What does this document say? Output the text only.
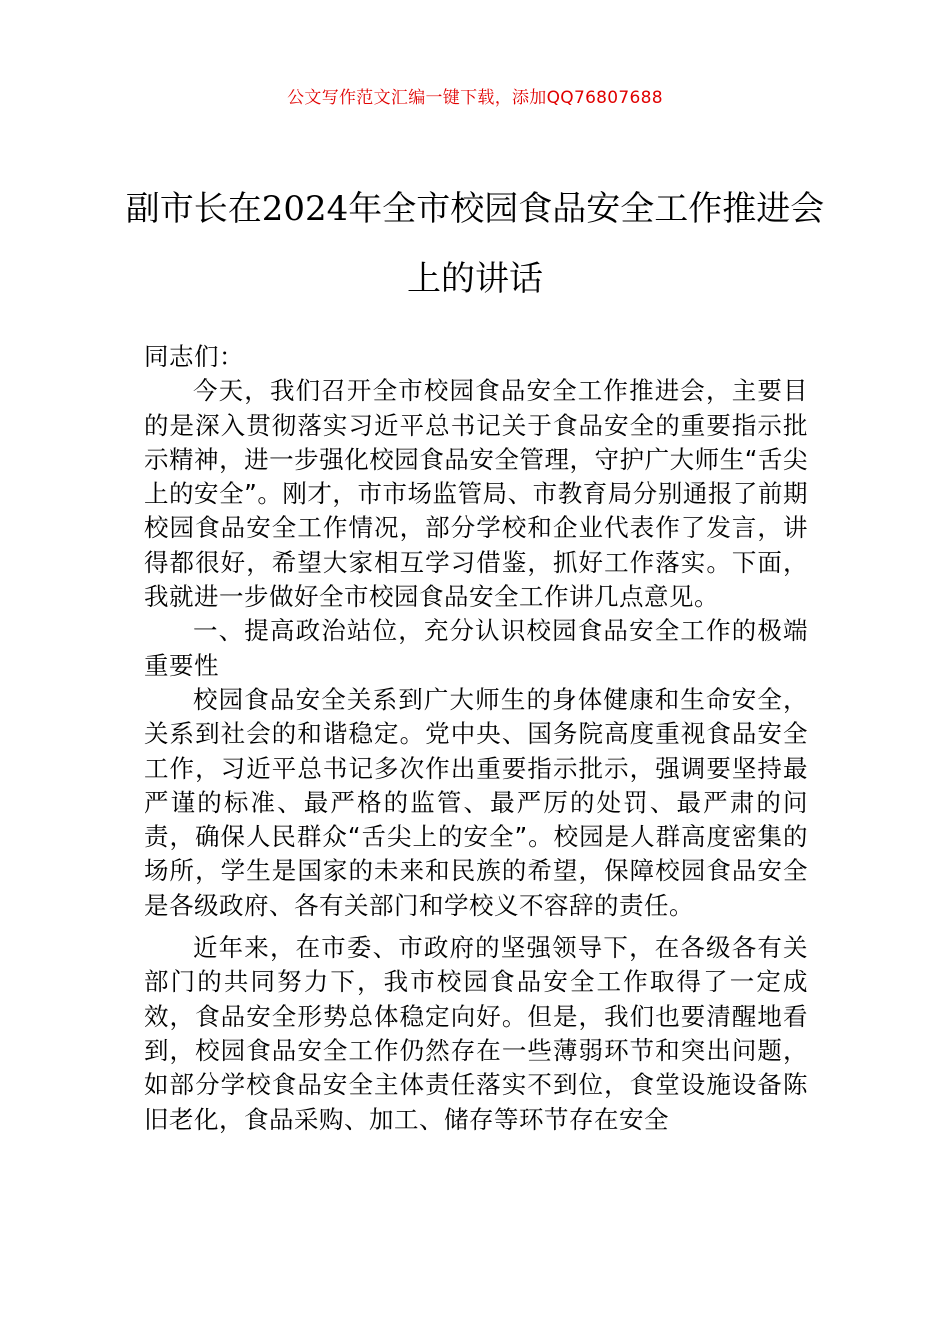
公文写作范文汇编一键下载，添加QQ76807688
副市长在2024年全市校园食品安全工作推进会上的讲话

同志们：

今天，我们召开全市校园食品安全工作推进会，主要目的是深入贯彻落实习近平总书记关于食品安全的重要指示批示精神，进一步强化校园食品安全管理，守护广大师生“舌尖上的安全”。刚才，市市场监管局、市教育局分别通报了前期校园食品安全工作情况，部分学校和企业代表作了发言，讲得都很好，希望大家相互学习借鉴，抓好工作落实。下面，我就进一步做好全市校园食品安全工作讲几点意见。

一、提高政治站位，充分认识校园食品安全工作的极端重要性

校园食品安全关系到广大师生的身体健康和生命安全，关系到社会的和谐稳定。党中央、国务院高度重视食品安全工作，习近平总书记多次作出重要指示批示，强调要坚持最严谨的标准、最严格的监管、最严厉的处罚、最严肃的问责，确保人民群众“舌尖上的安全”。校园是人群高度密集的场所，学生是国家的未来和民族的希望，保障校园食品安全是各级政府、各有关部门和学校义不容辞的责任。

近年来，在市委、市政府的坚强领导下，在各级各有关部门的共同努力下，我市校园食品安全工作取得了一定成效，食品安全形势总体稳定向好。但是，我们也要清醒地看到，校园食品安全工作仍然存在一些薄弱环节和突出问题，如部分学校食品安全主体责任落实不到位，食堂设施设备陈旧老化，食品采购、加工、储存等环节存在安全
